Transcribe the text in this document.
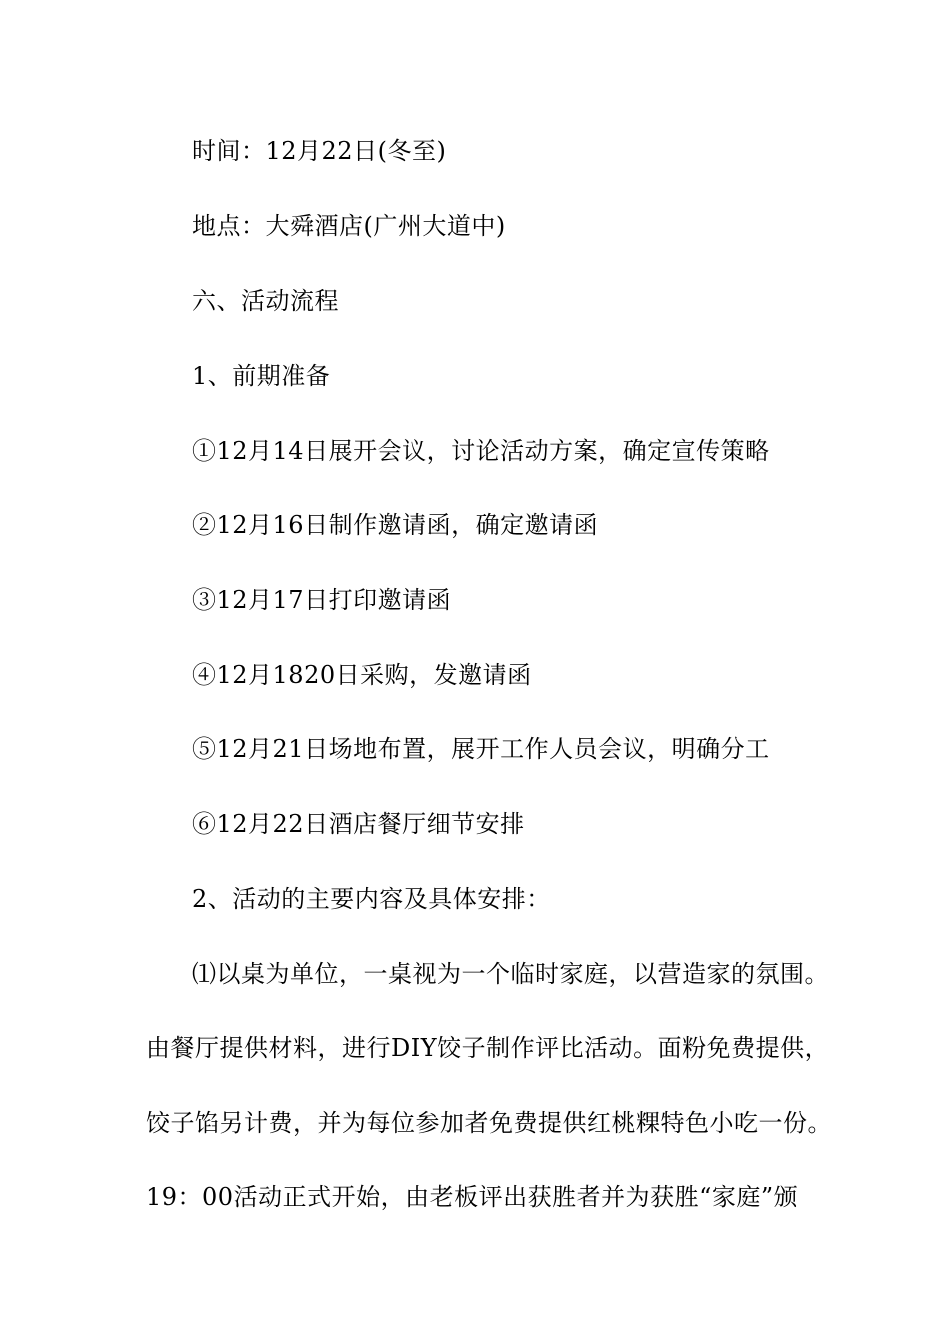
时间：12月22日(冬至)
地点：大舜酒店(广州大道中)
六、活动流程
1、前期准备
①12月14日展开会议，讨论活动方案，确定宣传策略
②12月16日制作邀请函，确定邀请函
③12月17日打印邀请函
④12月1820日采购，发邀请函
⑤12月21日场地布置，展开工作人员会议，明确分工
⑥12月22日酒店餐厅细节安排
2、活动的主要内容及具体安排：
⑴以桌为单位，一桌视为一个临时家庭，以营造家的氛围。
由餐厅提供材料，进行DIY饺子制作评比活动。面粉免费提供，
饺子馅另计费，并为每位参加者免费提供红桃粿特色小吃一份。
19：00活动正式开始，由老板评出获胜者并为获胜“家庭”颁
